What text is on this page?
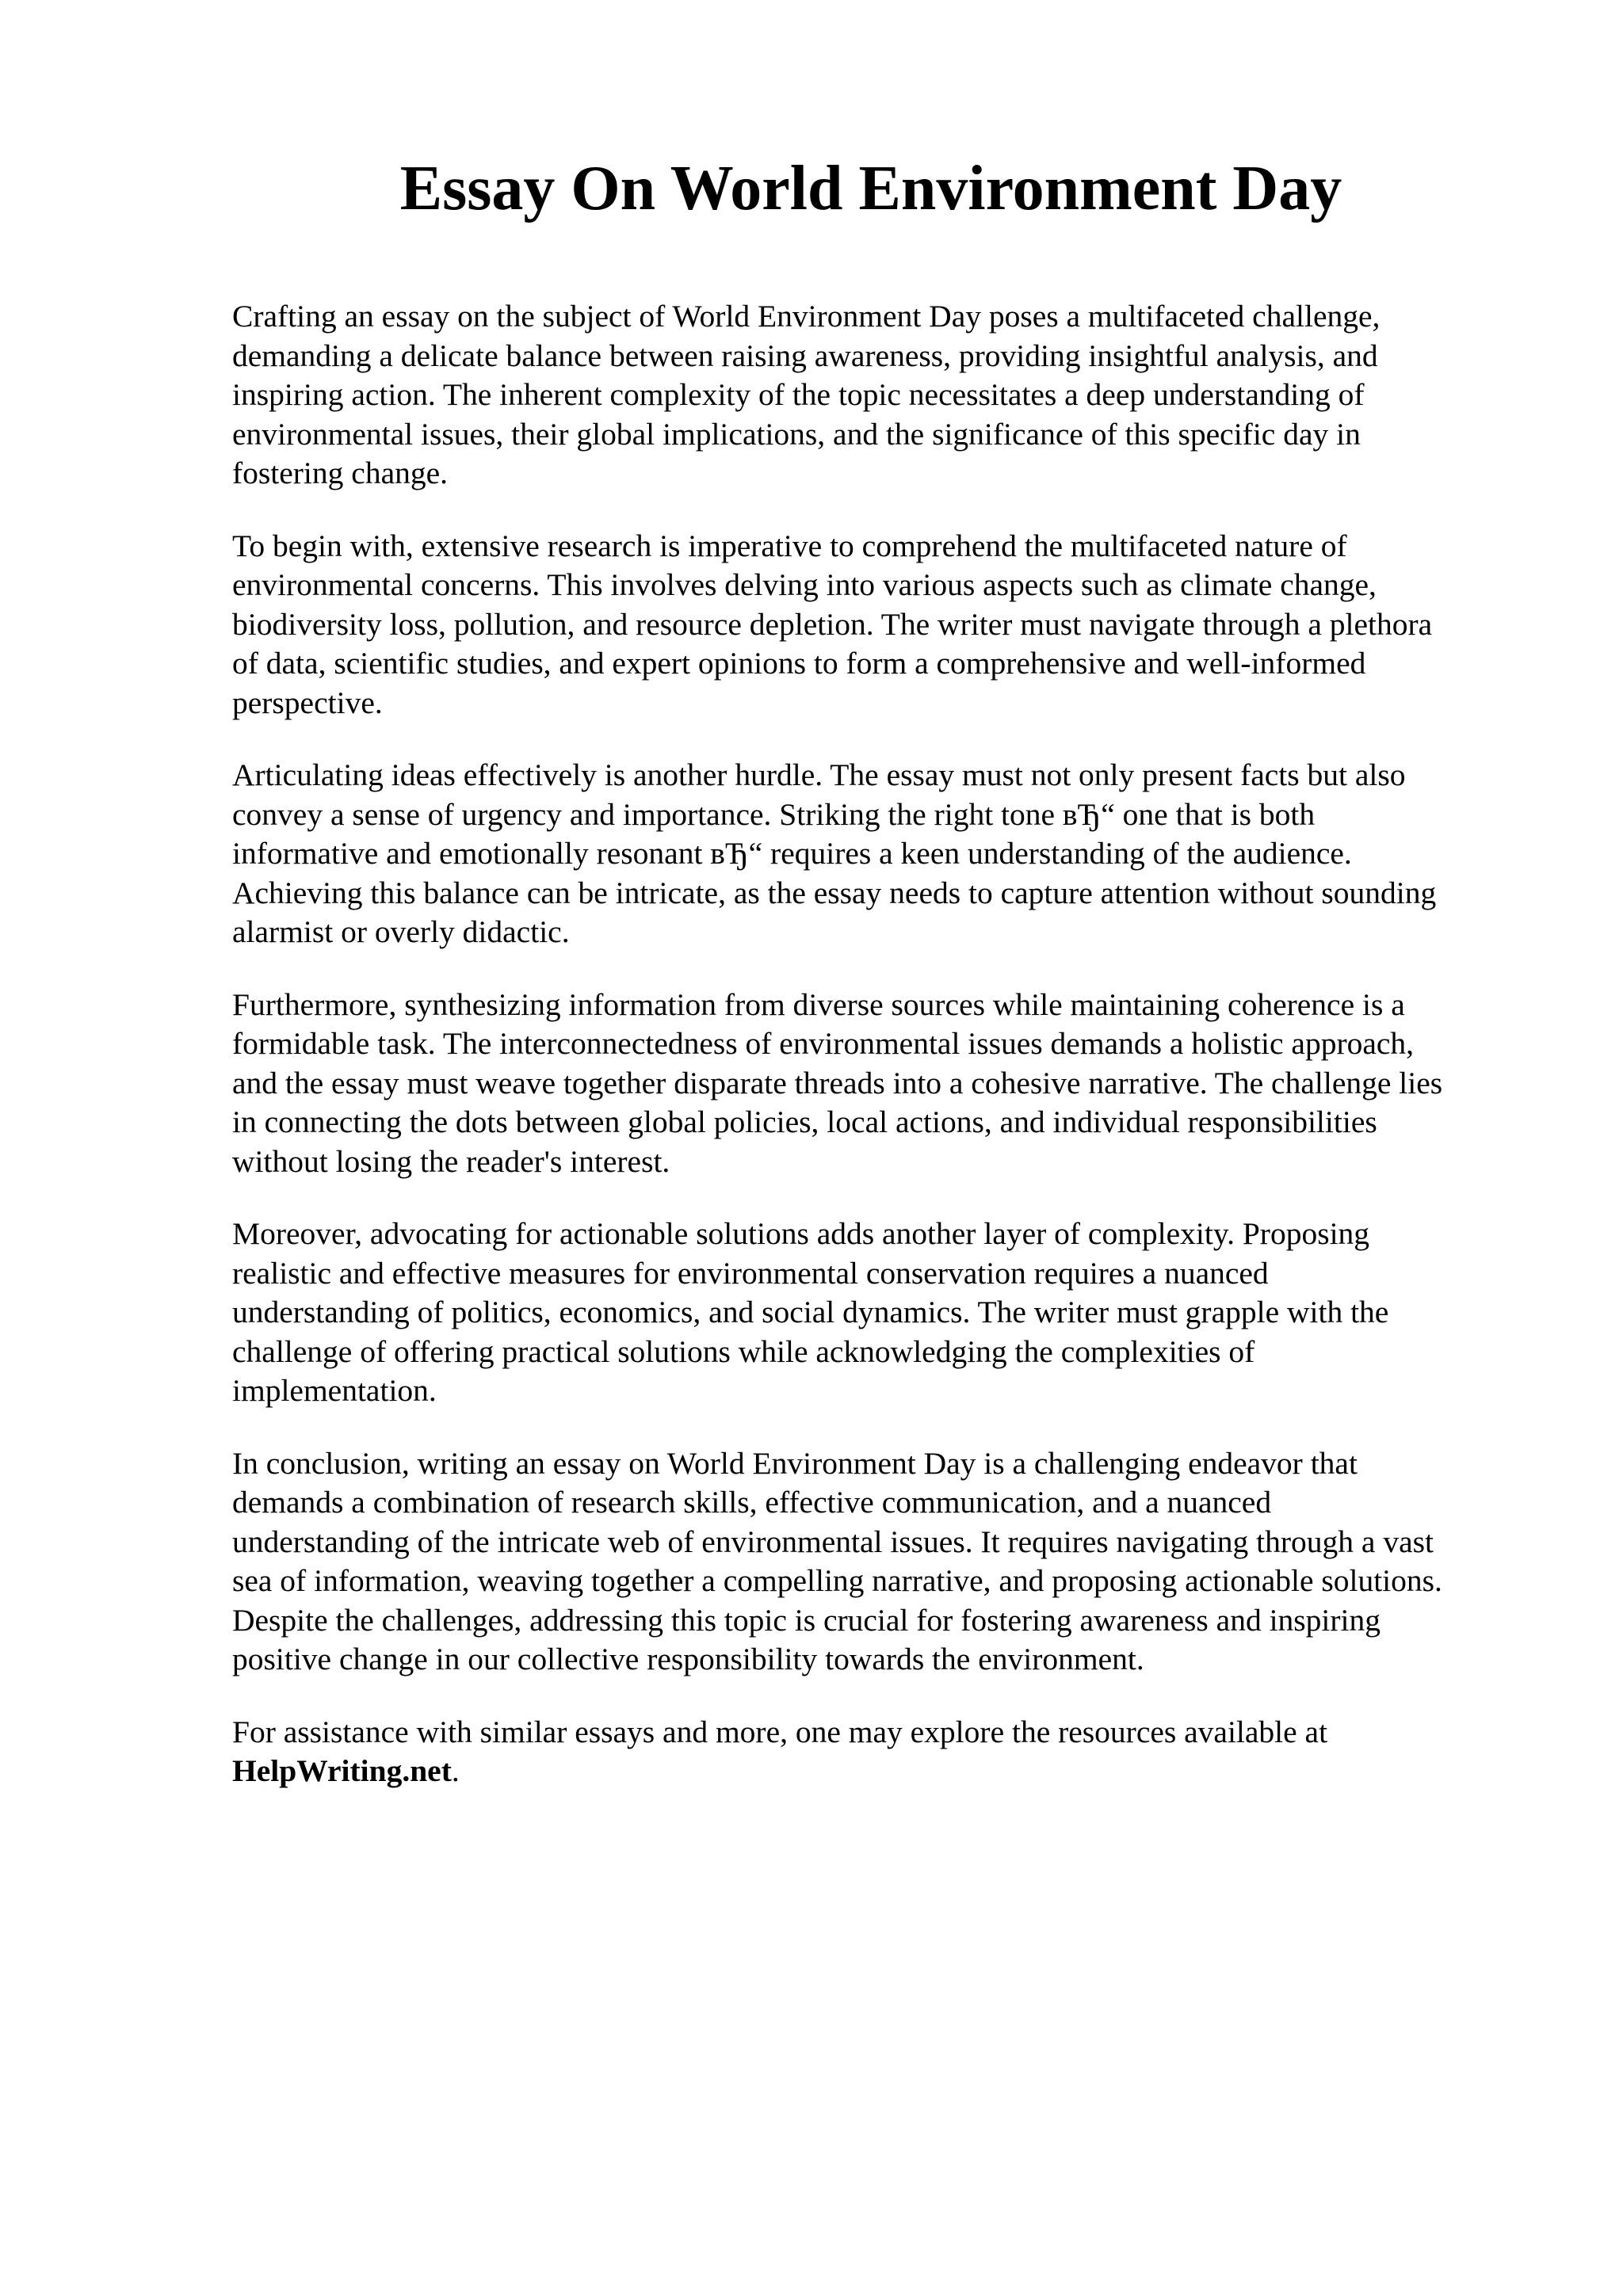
Essay On World Environment Day

Crafting an essay on the subject of World Environment Day poses a multifaceted challenge,
demanding a delicate balance between raising awareness, providing insightful analysis, and
inspiring action. The inherent complexity of the topic necessitates a deep understanding of
environmental issues, their global implications, and the significance of this specific day in
fostering change.

To begin with, extensive research is imperative to comprehend the multifaceted nature of
environmental concerns. This involves delving into various aspects such as climate change,
biodiversity loss, pollution, and resource depletion. The writer must navigate through a plethora
of data, scientific studies, and expert opinions to form a comprehensive and well-informed
perspective.

Articulating ideas effectively is another hurdle. The essay must not only present facts but also
convey a sense of urgency and importance. Striking the right tone вЂ“ one that is both
informative and emotionally resonant вЂ“ requires a keen understanding of the audience.
Achieving this balance can be intricate, as the essay needs to capture attention without sounding
alarmist or overly didactic.

Furthermore, synthesizing information from diverse sources while maintaining coherence is a
formidable task. The interconnectedness of environmental issues demands a holistic approach,
and the essay must weave together disparate threads into a cohesive narrative. The challenge lies
in connecting the dots between global policies, local actions, and individual responsibilities
without losing the reader's interest.

Moreover, advocating for actionable solutions adds another layer of complexity. Proposing
realistic and effective measures for environmental conservation requires a nuanced
understanding of politics, economics, and social dynamics. The writer must grapple with the
challenge of offering practical solutions while acknowledging the complexities of
implementation.

In conclusion, writing an essay on World Environment Day is a challenging endeavor that
demands a combination of research skills, effective communication, and a nuanced
understanding of the intricate web of environmental issues. It requires navigating through a vast
sea of information, weaving together a compelling narrative, and proposing actionable solutions.
Despite the challenges, addressing this topic is crucial for fostering awareness and inspiring
positive change in our collective responsibility towards the environment.

For assistance with similar essays and more, one may explore the resources available at
HelpWriting.net.
